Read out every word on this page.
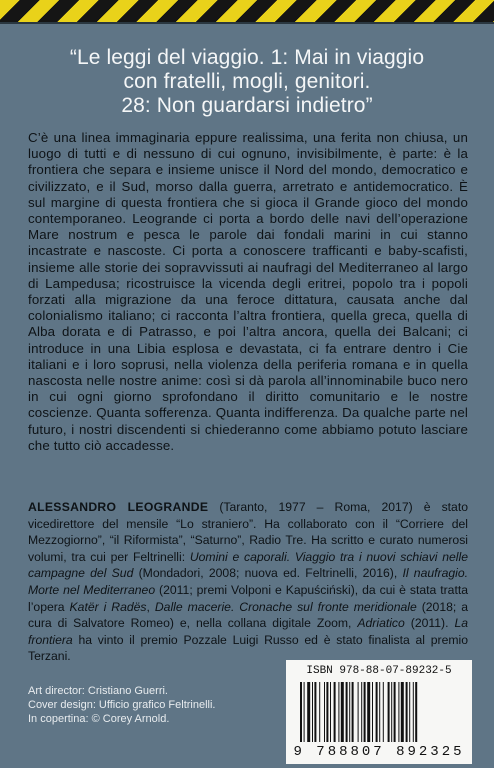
“Le leggi del viaggio. 1: Mai in viaggio
con fratelli, mogli, genitori.
28: Non guardarsi indietro”
C’è una linea immaginaria eppure realissima, una ferita non chiusa, un luogo di tutti e di nessuno di cui ognuno, invisibilmente, è parte: è la frontiera che separa e insieme unisce il Nord del mondo, democratico e civilizzato, e il Sud, morso dalla guerra, arretrato e antidemocratico. È sul margine di questa frontiera che si gioca il Grande gioco del mondo contemporaneo. Leogrande ci porta a bordo delle navi dell’operazione Mare nostrum e pesca le parole dai fondali marini in cui stanno incastrate e nascoste. Ci porta a conoscere trafficanti e baby-scafisti, insieme alle storie dei sopravvissuti ai naufragi del Mediterraneo al largo di Lampedusa; ricostruisce la vicenda degli eritrei, popolo tra i popoli forzati alla migrazione da una feroce dittatura, causata anche dal colonialismo italiano; ci racconta l’altra frontiera, quella greca, quella di Alba dorata e di Patrasso, e poi l’altra ancora, quella dei Balcani; ci introduce in una Libia esplosa e devastata, ci fa entrare dentro i Cie italiani e i loro soprusi, nella violenza della periferia romana e in quella nascosta nelle nostre anime: così si dà parola all’innominabile buco nero in cui ogni giorno sprofondano il diritto comunitario e le nostre coscienze. Quanta sofferenza. Quanta indifferenza. Da qualche parte nel futuro, i nostri discendenti si chiederanno come abbiamo potuto lasciare che tutto ciò accadesse.
ALESSANDRO LEOGRANDE (Taranto, 1977 – Roma, 2017) è stato vicedirettore del mensile “Lo straniero”. Ha collaborato con il “Corriere del Mezzogiorno”, “il Riformista”, “Saturno”, Radio Tre. Ha scritto e curato numerosi volumi, tra cui per Feltrinelli: Uomini e caporali. Viaggio tra i nuovi schiavi nelle campagne del Sud (Mondadori, 2008; nuova ed. Feltrinelli, 2016), Il naufragio. Morte nel Mediterraneo (2011; premi Volponi e Kapuściński), da cui è stata tratta l’opera Katër i Radës, Dalle macerie. Cronache sul fronte meridionale (2018; a cura di Salvatore Romeo) e, nella collana digitale Zoom, Adriatico (2011). La frontiera ha vinto il premio Pozzale Luigi Russo ed è stato finalista al premio Terzani.
Art director: Cristiano Guerri.
Cover design: Ufficio grafico Feltrinelli.
In copertina: © Corey Arnold.
ISBN 978-88-07-89232-5
9 788807 892325
